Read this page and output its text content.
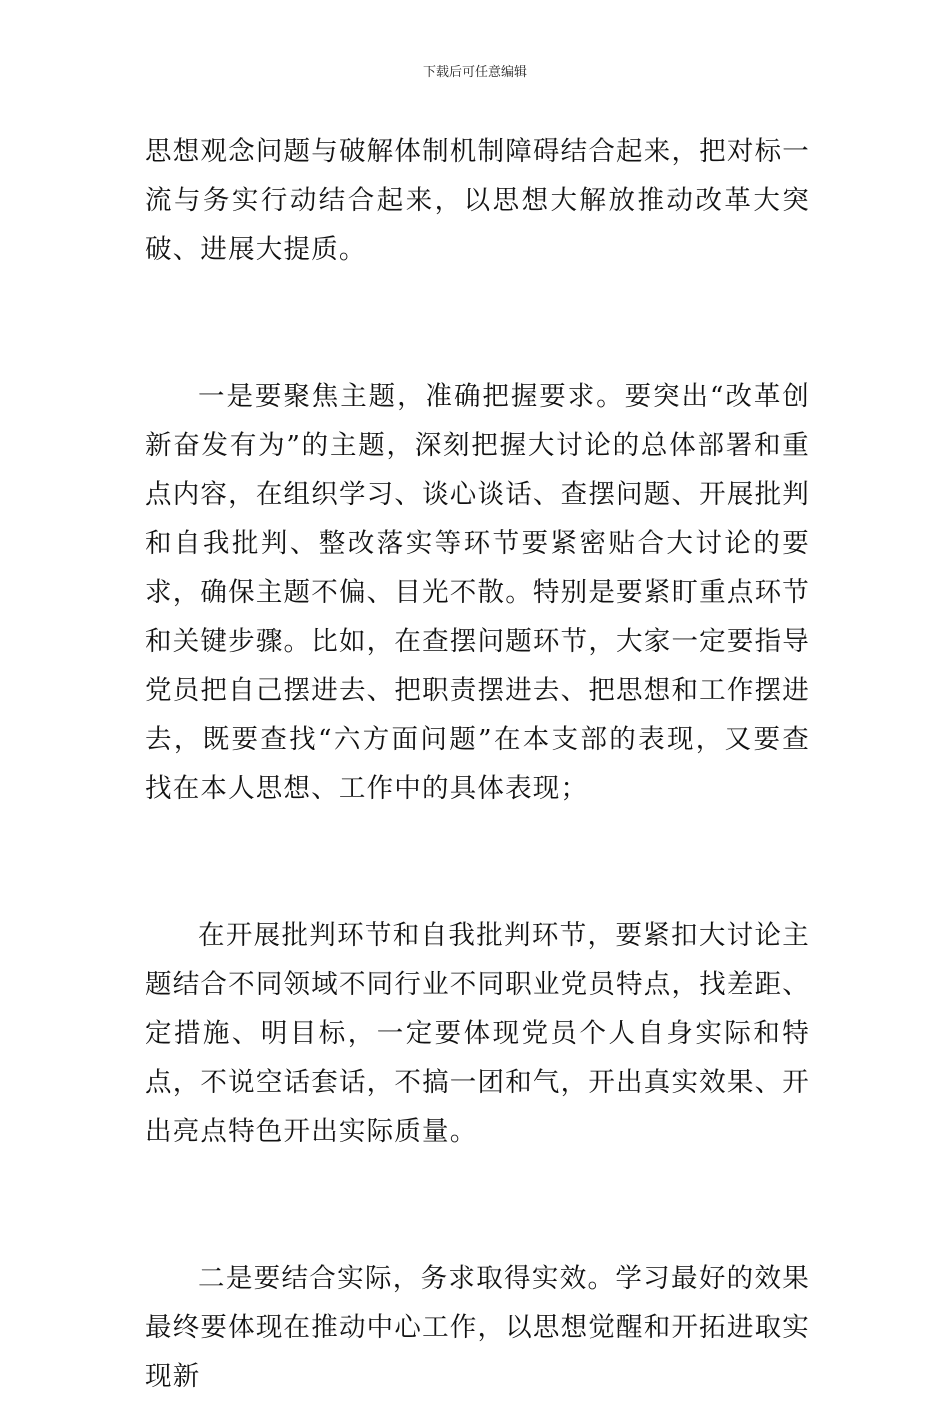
下载后可任意编辑

思想观念问题与破解体制机制障碍结合起来，把对标一流与务实行动结合起来，以思想大解放推动改革大突破、进展大提质。

一是要聚焦主题，准确把握要求。要突出“改革创新奋发有为”的主题，深刻把握大讨论的总体部署和重点内容，在组织学习、谈心谈话、查摆问题、开展批判和自我批判、整改落实等环节要紧密贴合大讨论的要求，确保主题不偏、目光不散。特别是要紧盯重点环节和关键步骤。比如，在查摆问题环节，大家一定要指导党员把自己摆进去、把职责摆进去、把思想和工作摆进去，既要查找“六方面问题”在本支部的表现，又要查找在本人思想、工作中的具体表现；

在开展批判环节和自我批判环节，要紧扣大讨论主题结合不同领域不同行业不同职业党员特点，找差距、定措施、明目标，一定要体现党员个人自身实际和特点，不说空话套话，不搞一团和气，开出真实效果、开出亮点特色开出实际质量。

二是要结合实际，务求取得实效。学习最好的效果最终要体现在推动中心工作，以思想觉醒和开拓进取实现新
